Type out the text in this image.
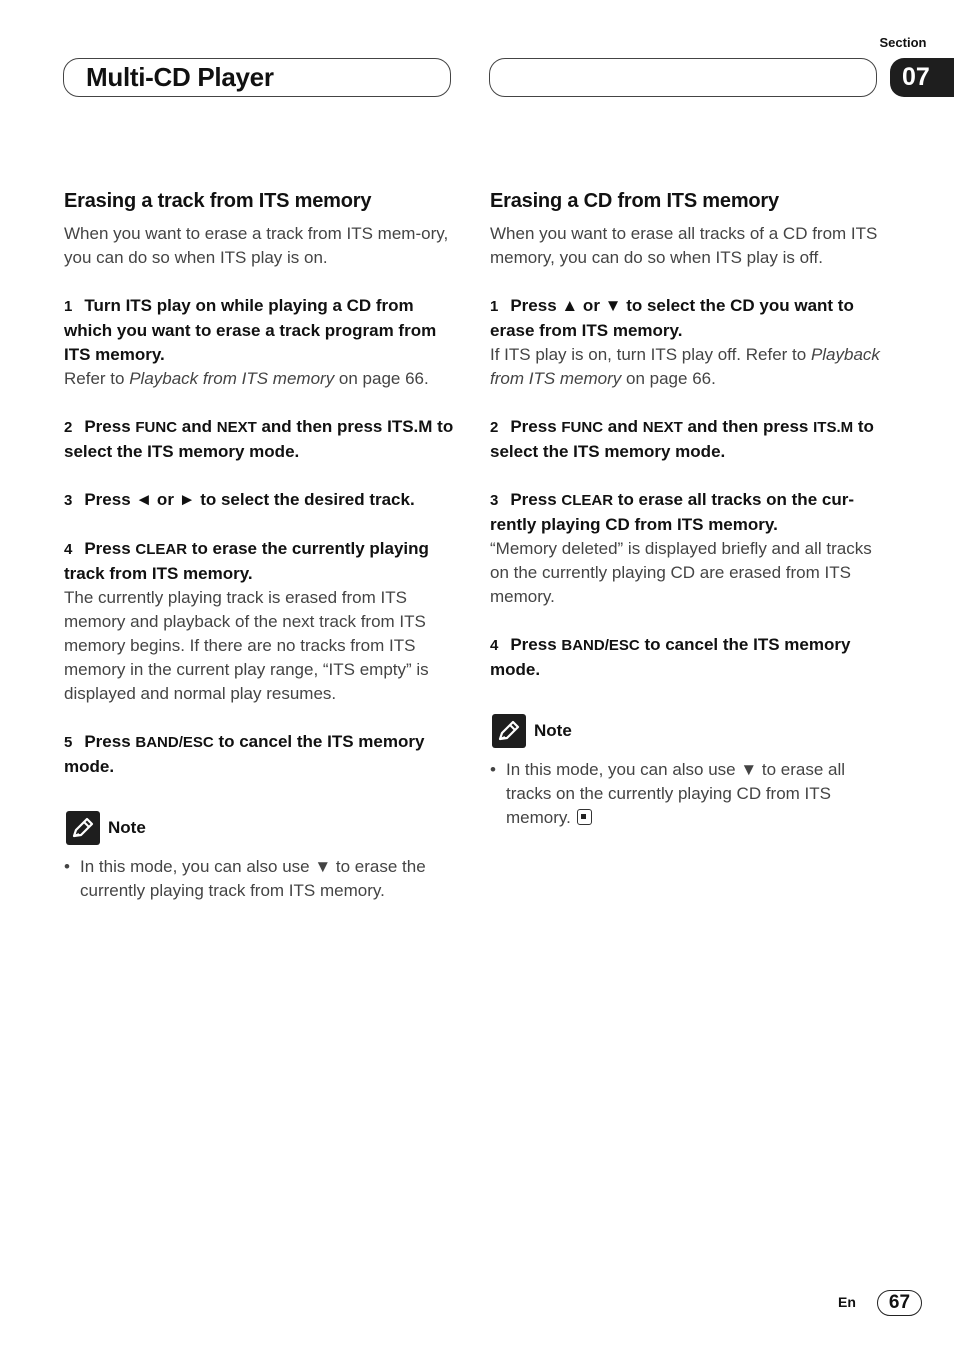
Section
07
Multi-CD Player
Erasing a track from ITS memory
When you want to erase a track from ITS mem-ory, you can do so when ITS play is on.
1 Turn ITS play on while playing a CD from which you want to erase a track program from ITS memory.
Refer to Playback from ITS memory on page 66.
2 Press FUNC and NEXT and then press ITS.M to select the ITS memory mode.
3 Press ◄ or ► to select the desired track.
4 Press CLEAR to erase the currently playing track from ITS memory.
The currently playing track is erased from ITS memory and playback of the next track from ITS memory begins. If there are no tracks from ITS memory in the current play range, “ITS empty” is displayed and normal play resumes.
5 Press BAND/ESC to cancel the ITS memory mode.
Note
• In this mode, you can also use ▼ to erase the currently playing track from ITS memory.
Erasing a CD from ITS memory
When you want to erase all tracks of a CD from ITS memory, you can do so when ITS play is off.
1 Press ▲ or ▼ to select the CD you want to erase from ITS memory.
If ITS play is on, turn ITS play off. Refer to Playback from ITS memory on page 66.
2 Press FUNC and NEXT and then press ITS.M to select the ITS memory mode.
3 Press CLEAR to erase all tracks on the cur-rently playing CD from ITS memory.
“Memory deleted” is displayed briefly and all tracks on the currently playing CD are erased from ITS memory.
4 Press BAND/ESC to cancel the ITS memory mode.
Note
• In this mode, you can also use ▼ to erase all tracks on the currently playing CD from ITS memory.
En	67
